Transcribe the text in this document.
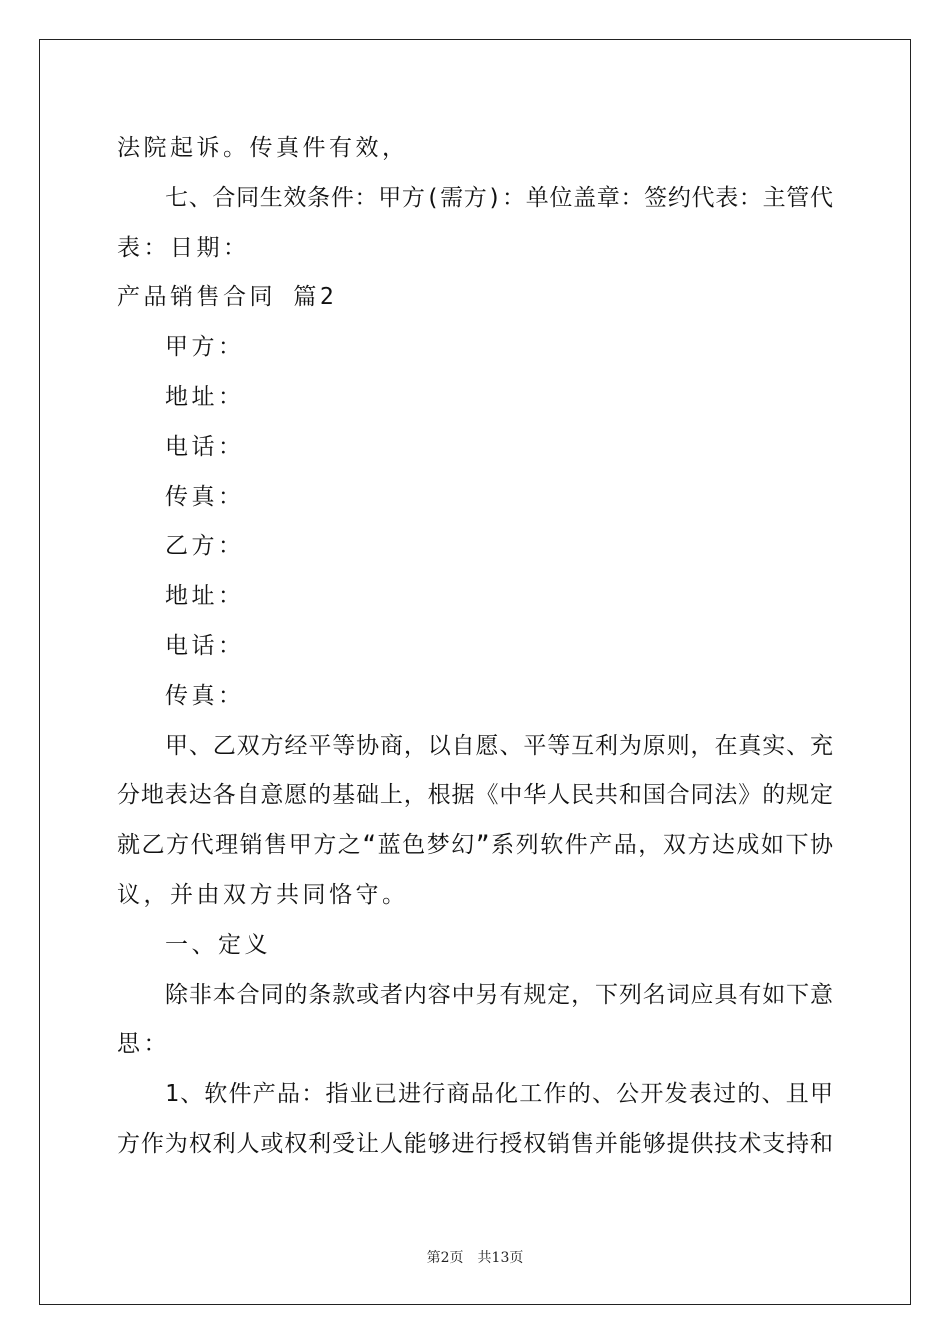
法院起诉。传真件有效，
七、合同生效条件：甲方(需方)：单位盖章：签约代表：主管代
表：日期：
产品销售合同 篇2
甲方：
地址：
电话：
传真：
乙方：
地址：
电话：
传真：
甲、乙双方经平等协商，以自愿、平等互利为原则，在真实、充
分地表达各自意愿的基础上，根据《中华人民共和国合同法》的规定
就乙方代理销售甲方之“蓝色梦幻”系列软件产品，双方达成如下协
议，并由双方共同恪守。
一、定义
除非本合同的条款或者内容中另有规定，下列名词应具有如下意
思：
1、软件产品：指业已进行商品化工作的、公开发表过的、且甲
方作为权利人或权利受让人能够进行授权销售并能够提供技术支持和
第2页 共13页
